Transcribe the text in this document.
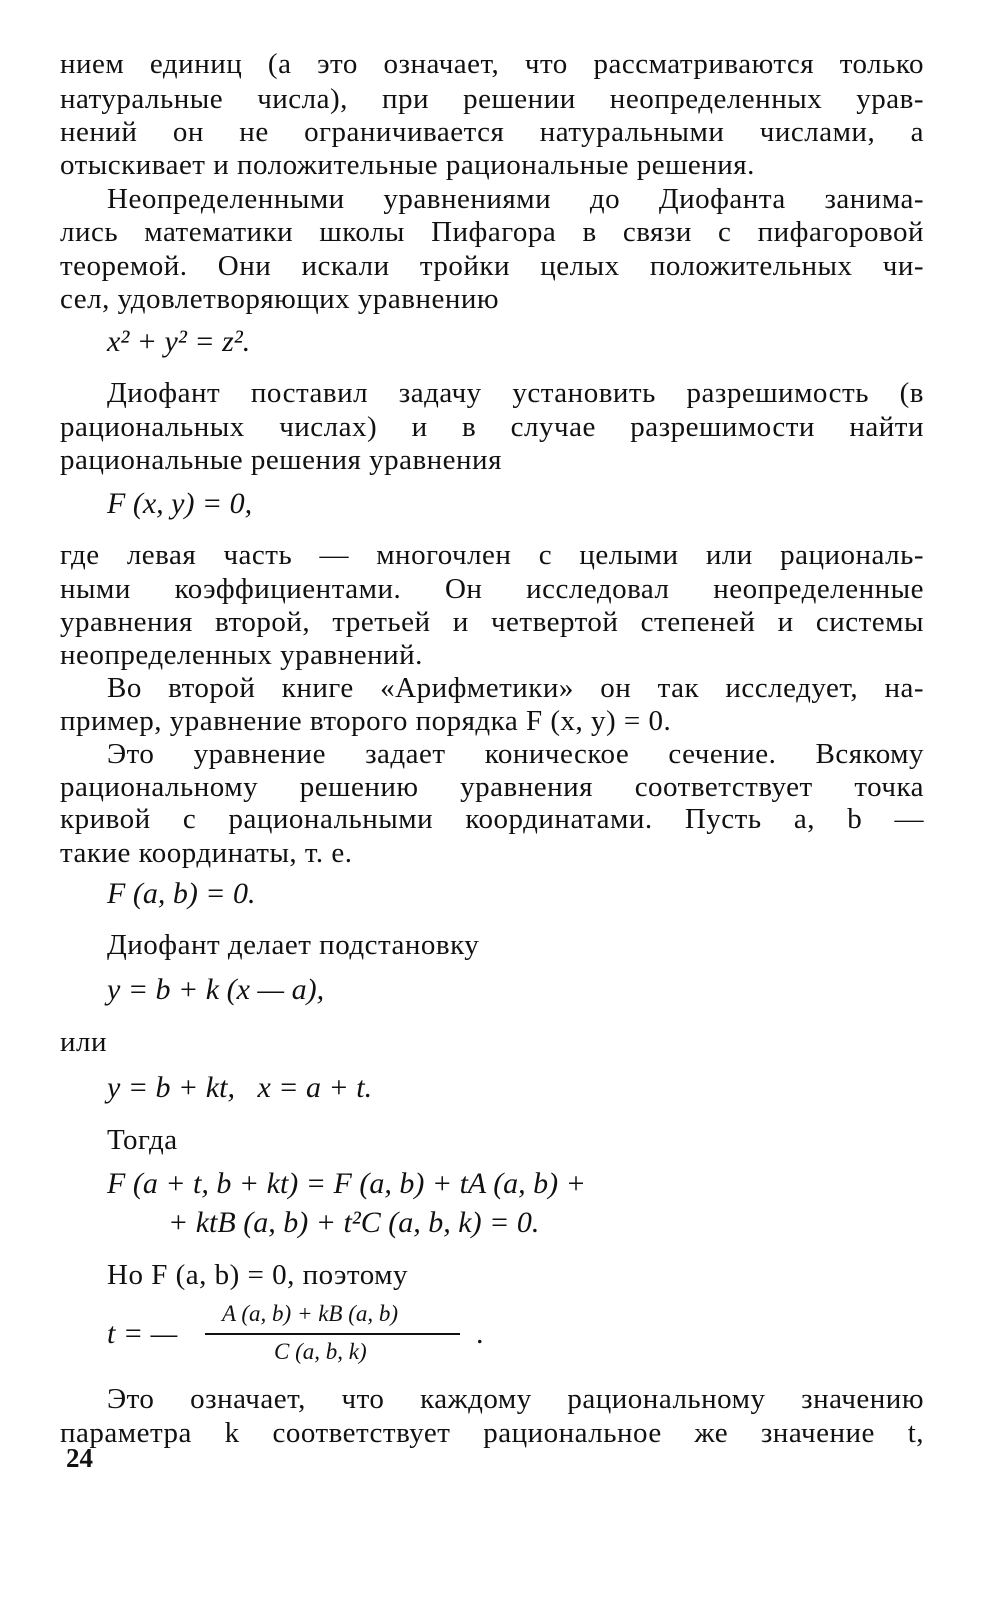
нием единиц (а это означает, что рассматриваются только
натуральные числа), при решении неопределенных урав-
нений он не ограничивается натуральными числами, а
отыскивает и положительные рациональные решения.
Неопределенными уравнениями до Диофанта занима-
лись математики школы Пифагора в связи с пифагоровой
теоремой. Они искали тройки целых положительных чи-
сел, удовлетворяющих уравнению
x² + y² = z².
Диофант поставил задачу установить разрешимость (в
рациональных числах) и в случае разрешимости найти
рациональные решения уравнения
F (x, y) = 0,
где левая часть — многочлен с целыми или рациональ-
ными коэффициентами. Он исследовал неопределенные
уравнения второй, третьей и четвертой степеней и системы
неопределенных уравнений.
Во второй книге «Арифметики» он так исследует, на-
пример, уравнение второго порядка F (x, y) = 0.
Это уравнение задает коническое сечение. Всякому
рациональному решению уравнения соответствует точка
кривой с рациональными координатами. Пусть a, b —
такие координаты, т. е.
F (a, b) = 0.
Диофант делает подстановку
y = b + k (x — a),
или
y = b + kt,   x = a + t.
Тогда
F (a + t, b + kt) = F (a, b) + tA (a, b) +
+ ktB (a, b) + t²C (a, b, k) = 0.
Но F (a, b) = 0, поэтому
t = —
A (a, b) + kB (a, b)
C (a, b, k)
.
Это означает, что каждому рациональному значению
параметра k соответствует рациональное же значение t,
24
